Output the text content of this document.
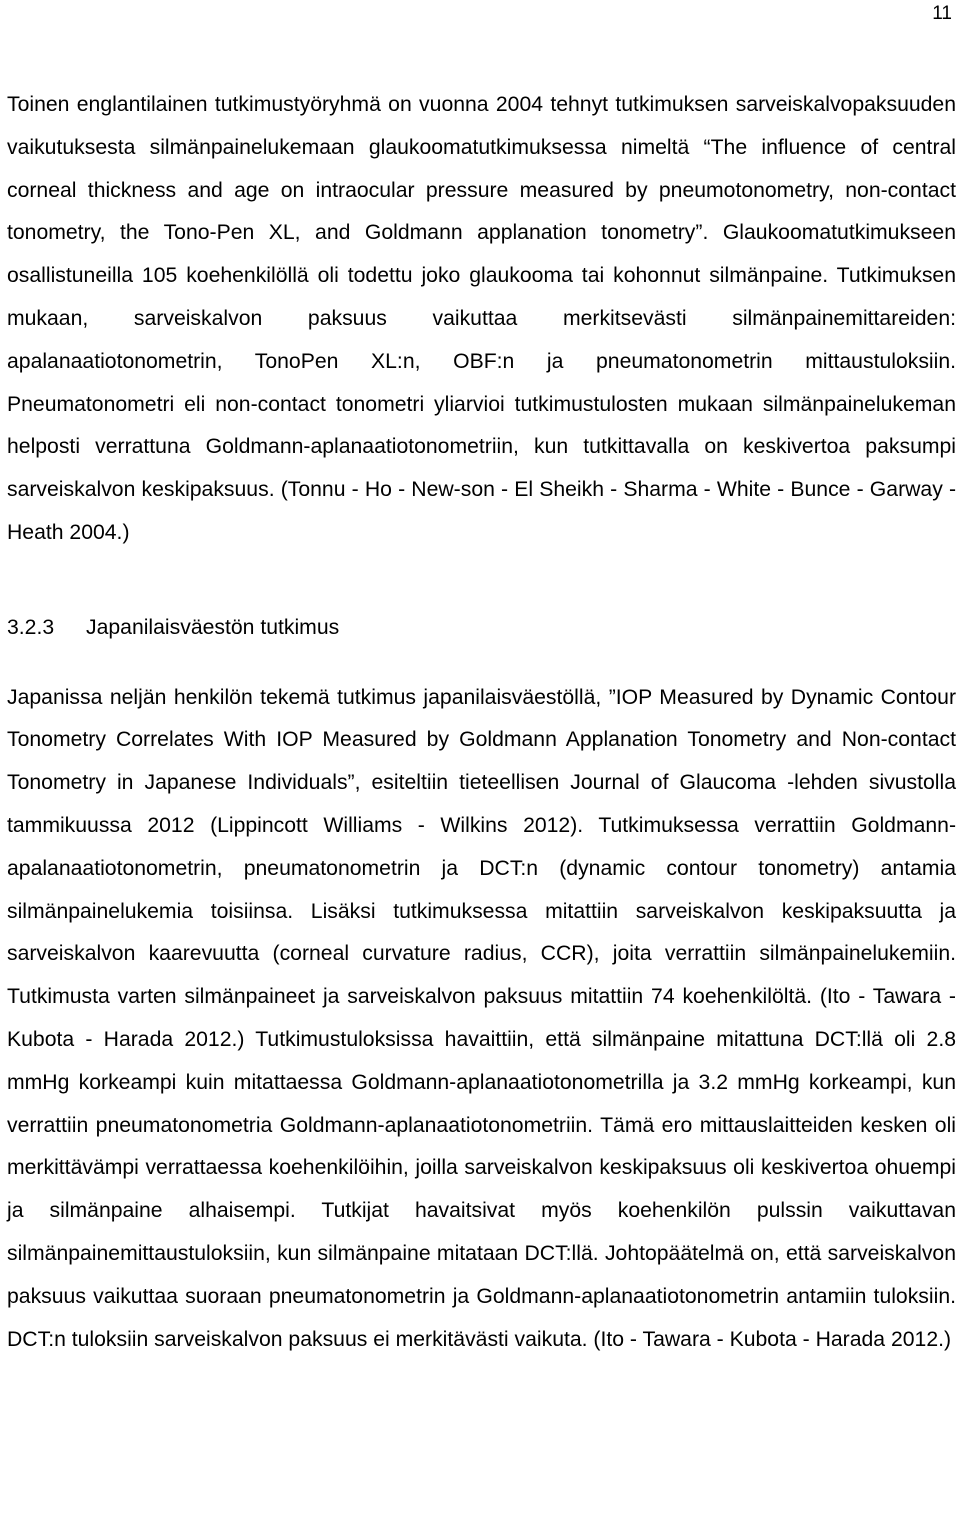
11

Toinen englantilainen tutkimustyöryhmä on vuonna 2004 tehnyt tutkimuksen sarveiskalvopaksuuden vaikutuksesta silmänpainelukemaan glaukoomatutkimuksessa nimeltä “The influence of central corneal thickness and age on intraocular pressure measured by pneumotonometry, non-contact tonometry, the Tono-Pen XL, and Goldmann applanation tonometry”. Glaukoomatutkimukseen osallistuneilla 105 koehenkilöllä oli todettu joko glaukooma tai kohonnut silmänpaine. Tutkimuksen mukaan, sarveiskalvon paksuus vaikuttaa merkitsevästi silmänpainemittareiden: apalanaatiotonometrin, TonoPen XL:n, OBF:n ja pneumatonometrin mittaustuloksiin. Pneumatonometri eli non-contact tonometri yliarvioi tutkimustulosten mukaan silmänpainelukeman helposti verrattuna Goldmann-aplanaatiotonometriin, kun tutkittavalla on keskivertoa paksumpi sarveiskalvon keskipaksuus. (Tonnu - Ho - New-son - El Sheikh - Sharma - White - Bunce - Garway - Heath 2004.)

3.2.3 Japanilaisväestön tutkimus

Japanissa neljän henkilön tekemä tutkimus japanilaisväestöllä, ”IOP Measured by Dynamic Contour Tonometry Correlates With IOP Measured by Goldmann Applanation Tonometry and Non-contact Tonometry in Japanese Individuals”, esiteltiin tieteellisen Journal of Glaucoma -lehden sivustolla tammikuussa 2012 (Lippincott Williams - Wilkins 2012). Tutkimuksessa verrattiin Goldmann-apalanaatiotonometrin, pneumatonometrin ja DCT:n (dynamic contour tonometry) antamia silmänpainelukemia toisiinsa. Lisäksi tutkimuksessa mitattiin sarveiskalvon keskipaksuutta ja sarveiskalvon kaarevuutta (corneal curvature radius, CCR), joita verrattiin silmänpainelukemiin. Tutkimusta varten silmänpaineet ja sarveiskalvon paksuus mitattiin 74 koehenkilöltä. (Ito - Tawara - Kubota - Harada 2012.) Tutkimustuloksissa havaittiin, että silmänpaine mitattuna DCT:llä oli 2.8 mmHg korkeampi kuin mitattaessa Goldmann-aplanaatiotonometrilla ja 3.2 mmHg korkeampi, kun verrattiin pneumatonometria Goldmann-aplanaatiotonometriin. Tämä ero mittauslaitteiden kesken oli merkittävämpi verrattaessa koehenkilöihin, joilla sarveiskalvon keskipaksuus oli keskivertoa ohuempi ja silmänpaine alhaisempi. Tutkijat havaitsivat myös koehenkilön pulssin vaikuttavan silmänpainemittaustuloksiin, kun silmänpaine mitataan DCT:llä. Johtopäätelmä on, että sarveiskalvon paksuus vaikuttaa suoraan pneumatonometrin ja Goldmann-aplanaatiotonometrin antamiin tuloksiin. DCT:n tuloksiin sarveiskalvon paksuus ei merkitävästi vaikuta. (Ito - Tawara - Kubota - Harada 2012.)
